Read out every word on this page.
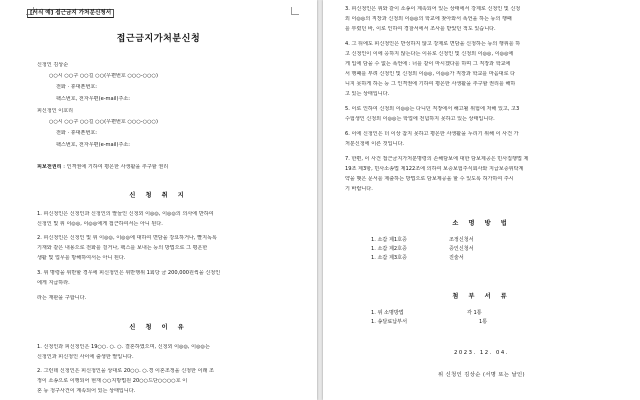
[서식 예] 접근금지 가처분신청서
접근금지가처분신청
신청인 김상순
○○시 ○○구 ○○길 ○○(우편번호 ○○○-○○○)
전화 · 휴대폰번호:
팩스번호, 전자우편(e-mail)주소:
피신청인 이호리
○○시 ○○구 ○○길 ○○(우편번호 ○○○-○○○)
전화 · 휴대폰번호:
팩스번호, 전자우편(e-mail)주소:
피보전권리 : 인격권에 기하여 평온한 사생활을 추구할 권리
신 청 취 지
1. 피신청인은 신청인과 신청인의 딸들인 신청외 이◎◎, 이◎◎의 의사에 반하여
신청인 및 위 이◎◎, 이◎◎에게 접근하여서는 아니 된다.
2. 피신청인은 신청인 및 위 이◎◎, 이◎◎에 대하여 면담을 강요하거나, 빨지독록
기재와 같은 내용으로 전화를 걸거나, 팩스를 보내는 등의 방법으로 그 평온한
생활 및 업무를 방해하여서는 아니 된다.
3. 위 명령을 위반할 경우에 피신청인은 위반행위 1회당 금 200,000원씩을 신청인
에게 지급하라.
라는 재판을 구합니다.
신 청 이 유
1. 신청인과 피신청인은 19○○. ○. ○. 결혼하였으며, 신청외 이◎◎, 이◎◎는
신청인과 피신청인 사이에 출생한 딸입니다.
2. 그런데 신청인은 피신청인을 상대로 20○○. ○.경 이혼조정을 신청한 이래 조
정이 소송으로 이행되어 현재 ○○지방법원 20○○드단○○○○호 이
혼 등 청구사건이 계속되어 있는 상태입니다.
3. 피신청인은 위와 같이 소송이 계속되어 있는 상태에서 강제로 신청인 및 신청
외 이◎◎의 직장과 신청외 이◎◎의 학교에 찾아와서 폭언을 하는 등의 행패
를 부렸던 바, 이로 인하여 경찰서에서 조사를 받았던 적도 있습니다.
4. 그 뒤에도 피신청인은 반성하지 않고 강제로 면담을 신청하는 등의 행위를 하
고 신청인이 이에 응하지 않는다는 이유로 신청인 및 신청외 이◎◎, 이◎◎에
게 입에 담을 수 없는 폭언에 : 너를 같이 마시겠다를 하며 그 직장과 학교에
서 행패를 부려 신청인 및 신청외 이◎◎, 이◎◎가 직장과 학교를 마음대로 다
니지 못하게 하는 등 그 인격권에 기하여 평온한 사생활을 추구할 권리를 해하
고 있는 상태입니다.
5. 이로 인하여 신청외 이◎◎는 다니던 직장에서 해고될 위험에 처해 있고, 고3
수험생인 신청외 이◎◎는 학업에 전념하지 못하고 있는 상태입니다.
6. 이에 신청인은 더 이상 참지 못하고 평온한 사생활을 누리기 위해 이 사건 가
처분신청에 이른 것입니다.
7. 한편, 이 사건 접근금지가처분명령의 손해담보에 대한 담보제공은 민사집행법 제
19조 제3항, 민사소송법 제122조에 의하여 보증보험주식회사와 지급보증위탁계
약을 맺은 문서를 제출하는 방법으로 담보제공을 할 수 있도록 허가하여 주시
기 바랍니다.
소 명 방 법
1. 소갑 제1호증	조정신청서
1. 소갑 제2호증	증인신청서
1. 소갑 제3호증	진술서
첨 부 서 류
1. 위 소명방법	각 1통
1. 송달료납부서	1통
2023. 12. 04.
위 신청인 김상순 (서명 또는 날인)
